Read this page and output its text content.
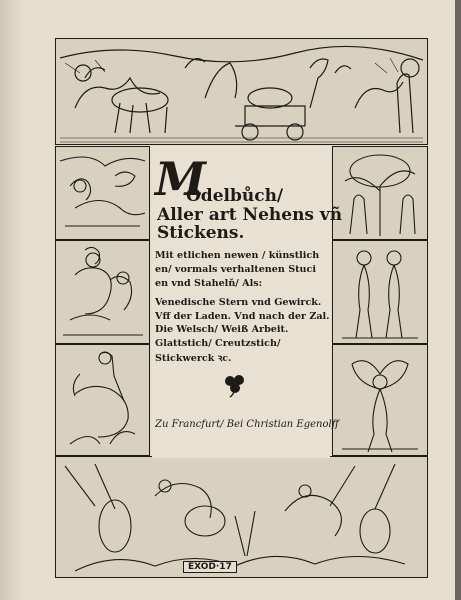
EXOD·17
M
Odelbůch/
Aller art Nehens vñ
Stickens.
Mit etlichen newen / künstlich
en/ vormals verhaltenen Stuci
en vnd Stahelň/ Als:
Venedische Stern vnd Gewirck.
Vff der Laden. Vnd nach der Zal.
Die Welsch/ Weiß Arbeit.
Glattstich/ Creutzstich/
Stickwerck ꝛc.
Zu Francfurt/ Bei Christian Egenolff
